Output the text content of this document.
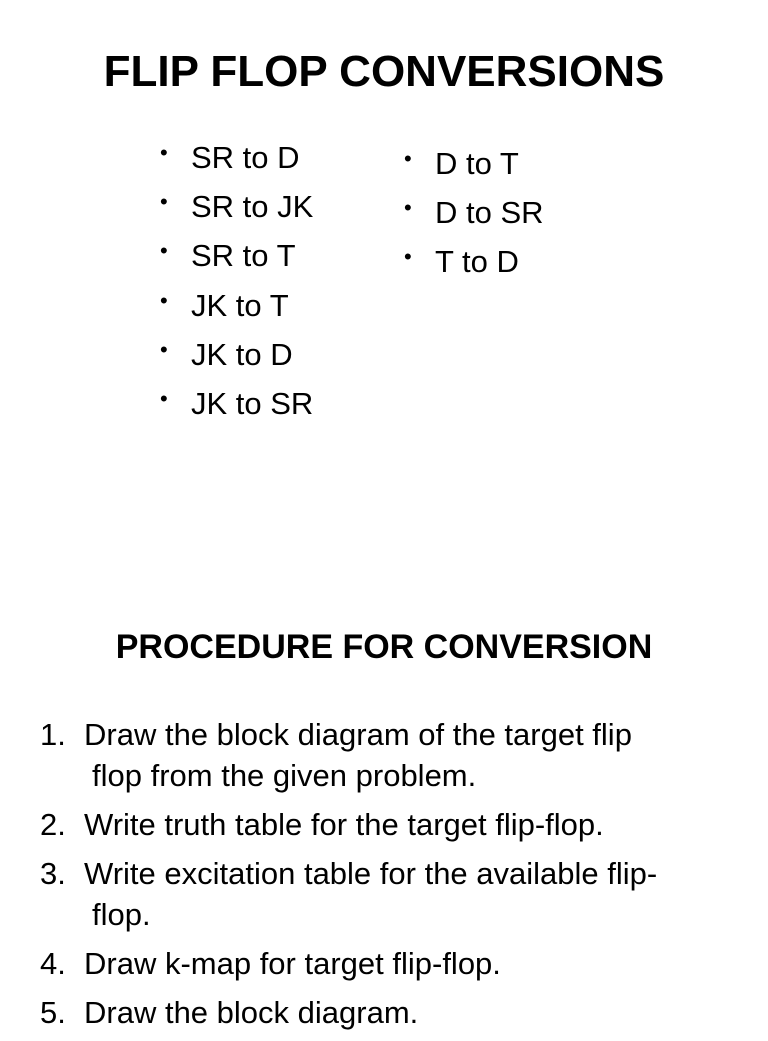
FLIP FLOP CONVERSIONS
• SR to D
• SR to JK
• SR to T
• JK to T
• JK to D
• JK to SR
• D to T
• D to SR
• T to D
PROCEDURE FOR CONVERSION
1. Draw the block diagram of the target flip
flop from the given problem.
2. Write truth table for the target flip-flop.
3. Write excitation table for the available flip-
flop.
4. Draw k-map for target flip-flop.
5. Draw the block diagram.
